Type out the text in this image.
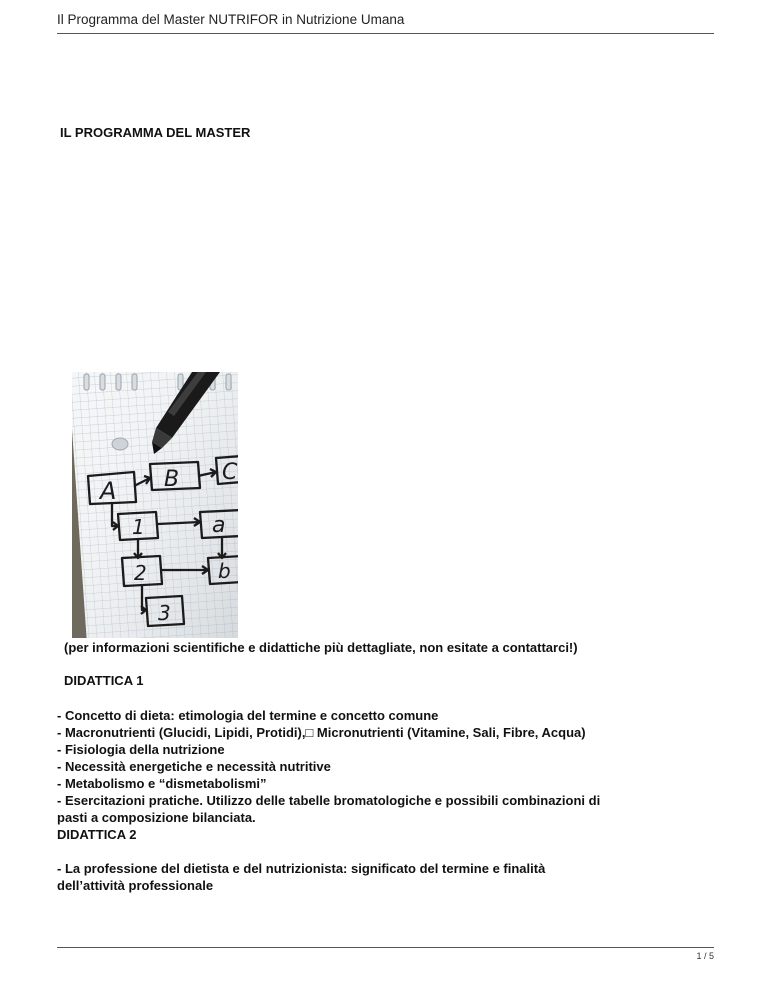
Il Programma del Master NUTRIFOR in Nutrizione Umana
IL PROGRAMMA DEL MASTER
A B C
1	a
2	b
3
(per informazioni scientifiche e didattiche più dettagliate, non esitate a contattarci!)
DIDATTICA 1
- Concetto di dieta: etimologia del termine e concetto comune
- Macronutrienti (Glucidi, Lipidi, Protidi),□ Micronutrienti (Vitamine, Sali, Fibre, Acqua)
- Fisiologia della nutrizione
- Necessità energetiche e necessità nutritive
- Metabolismo e “dismetabolismi”
- Esercitazioni pratiche. Utilizzo delle tabelle bromatologiche e possibili combinazioni di
pasti a composizione bilanciata.
DIDATTICA 2
- La professione del dietista e del nutrizionista: significato del termine e finalità
dell’attività professionale
1 / 5
